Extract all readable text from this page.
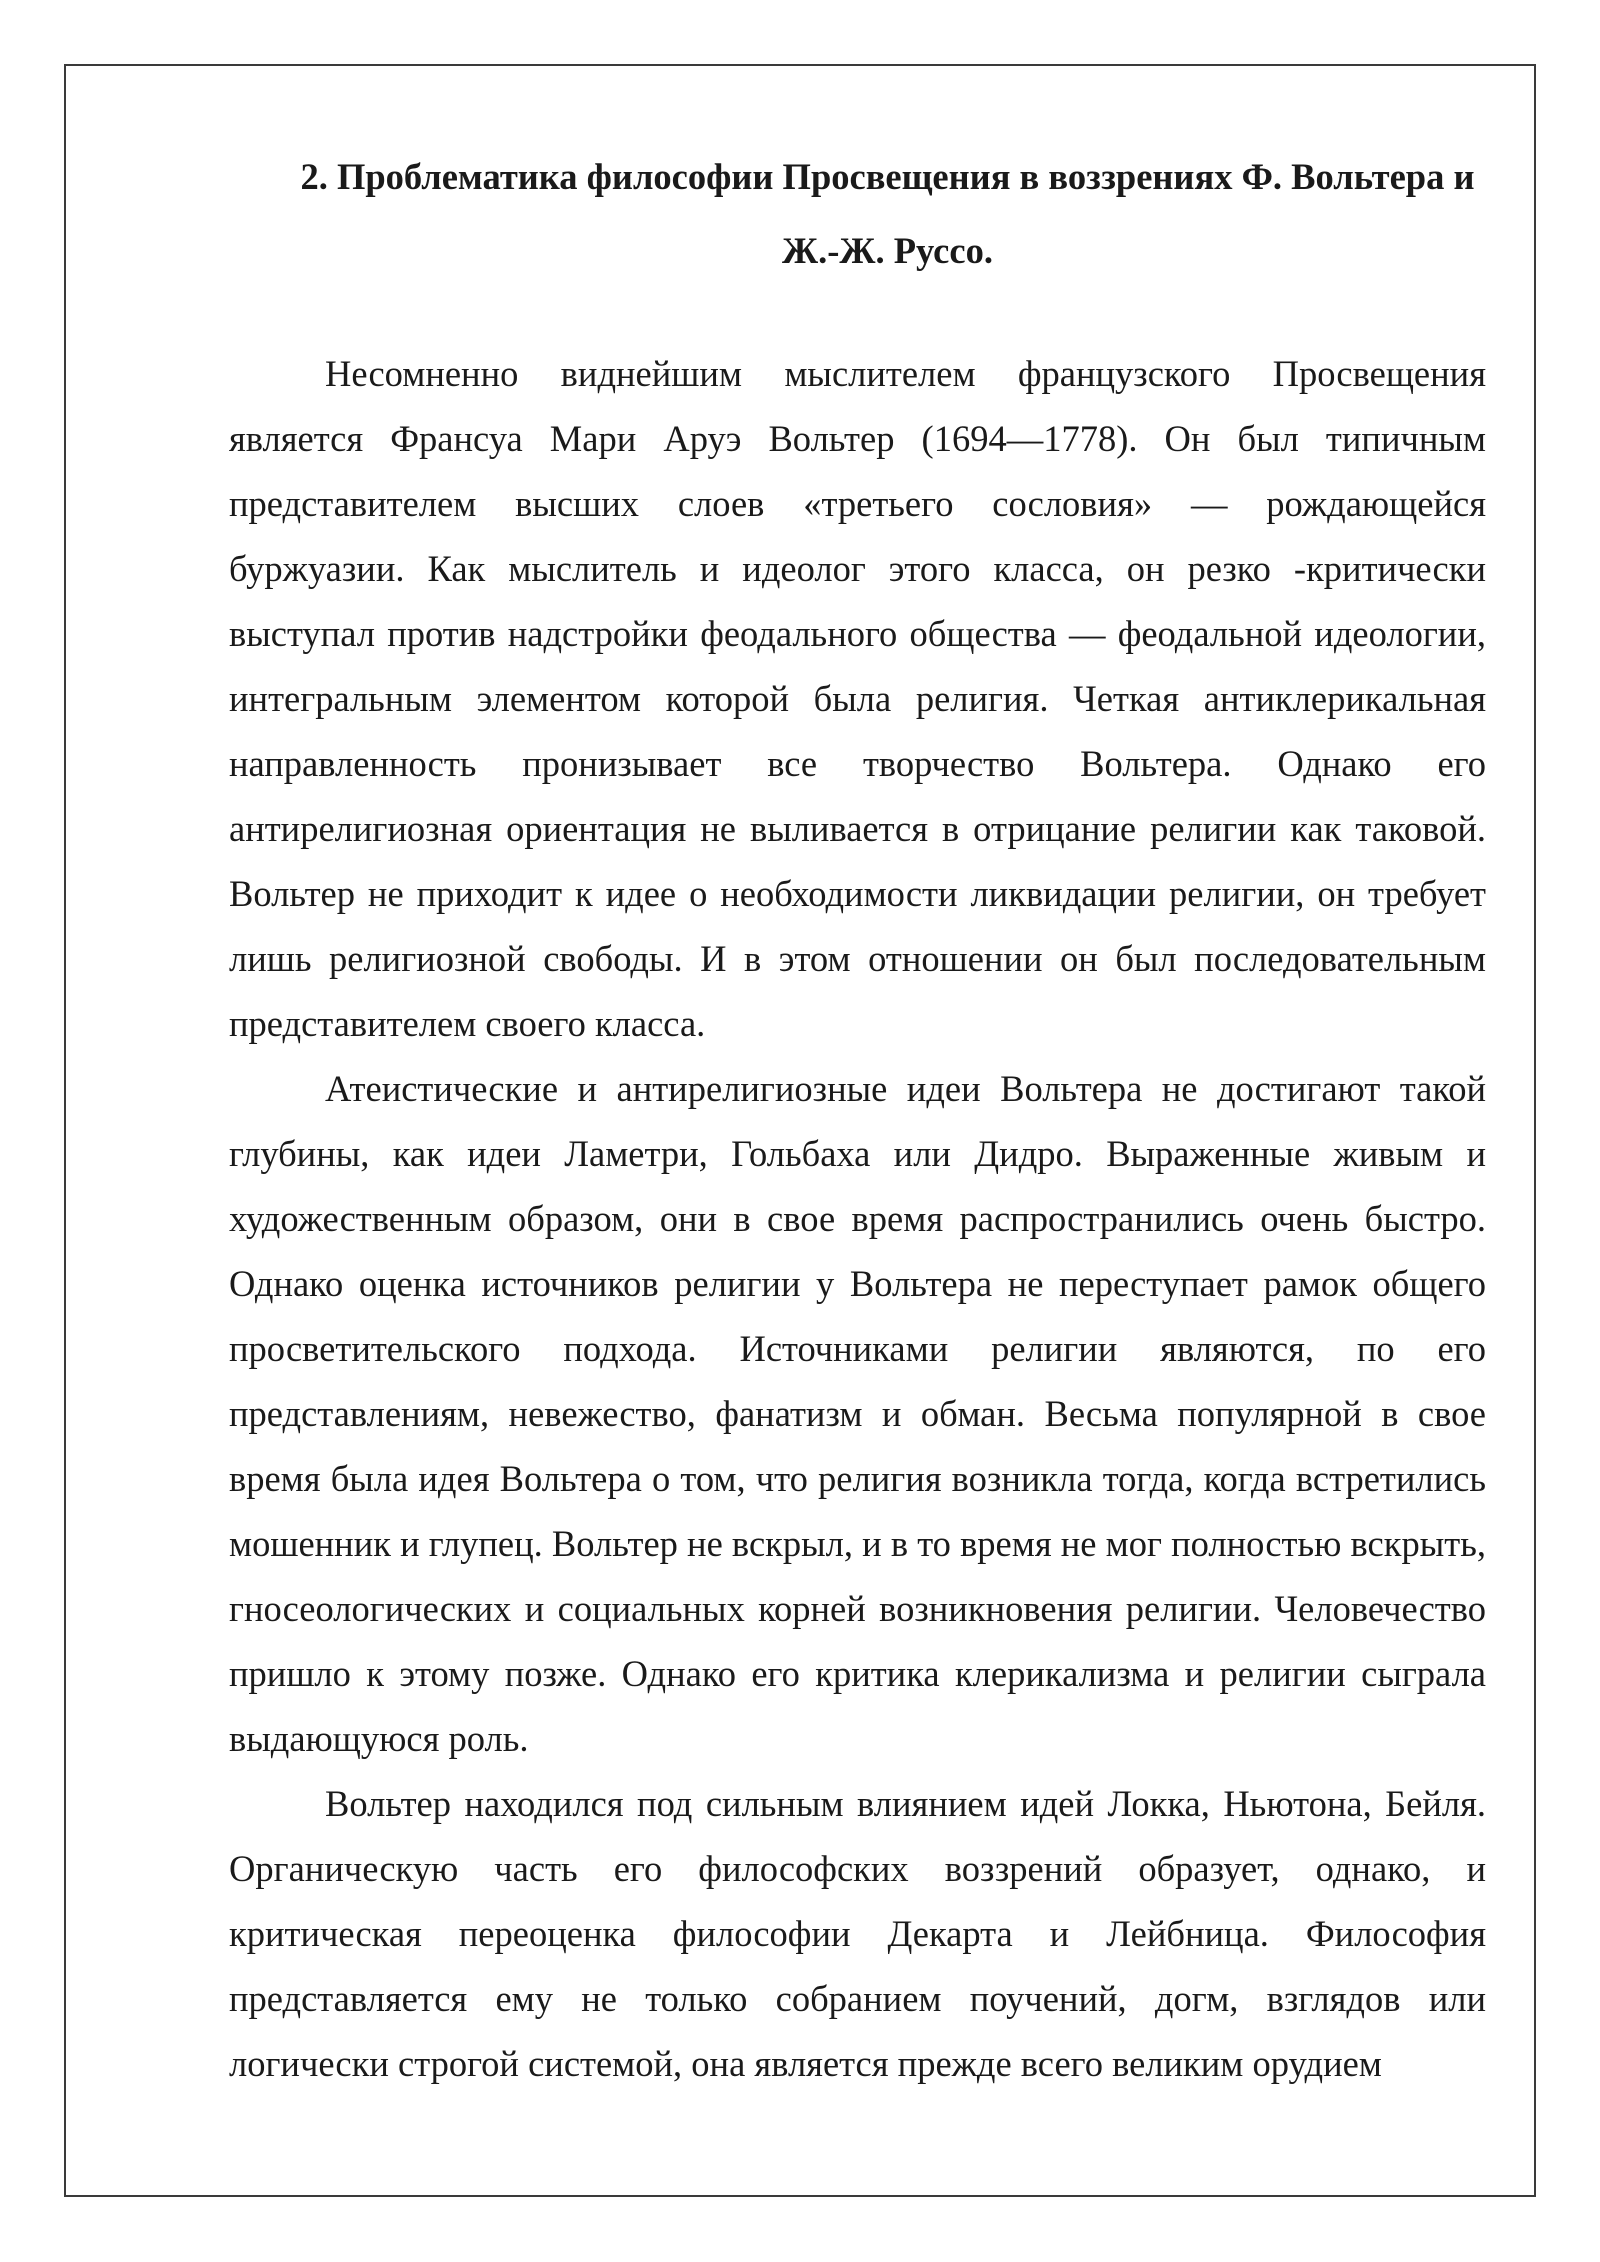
2. Проблематика философии Просвещения в воззрениях Ф. Вольтера и
Ж.-Ж. Руссо.

Несомненно виднейшим мыслителем французского Просвещения является Франсуа Мари Аруэ Вольтер (1694—1778). Он был типичным представителем высших слоев «третьего сословия» — рождающейся буржуазии. Как мыслитель и идеолог этого класса, он резко -критически выступал против надстройки феодального общества — феодальной идеологии, интегральным элементом которой была религия. Четкая антиклерикальная направленность пронизывает все творчество Вольтера. Однако его антирелигиозная ориентация не выливается в отрицание религии как таковой. Вольтер не приходит к идее о необходимости ликвидации религии, он требует лишь религиозной свободы. И в этом отношении он был последовательным представителем своего класса.

Атеистические и антирелигиозные идеи Вольтера не достигают такой глубины, как идеи Ламетри, Гольбаха или Дидро. Выраженные живым и художественным образом, они в свое время распространились очень быстро. Однако оценка источников религии у Вольтера не переступает рамок общего просветительского подхода. Источниками религии являются, по его представлениям, невежество, фанатизм и обман. Весьма популярной в свое время была идея Вольтера о том, что религия возникла тогда, когда встретились мошенник и глупец. Вольтер не вскрыл, и в то время не мог полностью вскрыть, гносеологических и социальных корней возникновения религии. Человечество пришло к этому позже. Однако его критика клерикализма и религии сыграла выдающуюся роль.

Вольтер находился под сильным влиянием идей Локка, Ньютона, Бейля. Органическую часть его философских воззрений образует, однако, и критическая переоценка философии Декарта и Лейбница. Философия представляется ему не только собранием поучений, догм, взглядов или логически строгой системой, она является прежде всего великим орудием
